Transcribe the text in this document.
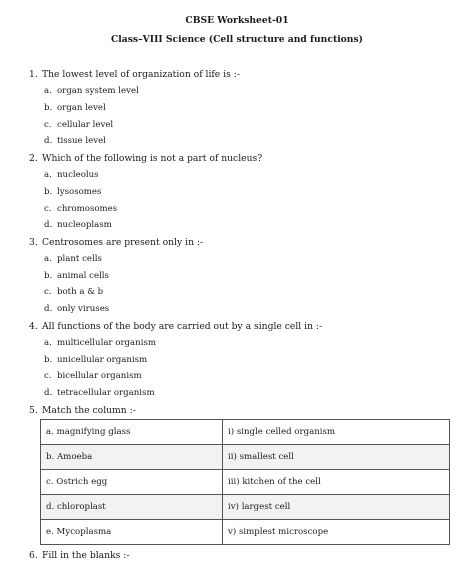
CBSE Worksheet-01
Class–VIII Science (Cell structure and functions)
1. The lowest level of organization of life is :-
a. organ system level
b. organ level
c. cellular level
d. tissue level
2. Which of the following is not a part of nucleus?
a. nucleolus
b. lysosomes
c. chromosomes
d. nucleoplasm
3. Centrosomes are present only in :-
a. plant cells
b. animal cells
c. both a & b
d. only viruses
4. All functions of the body are carried out by a single cell in :-
a. multicellular organism
b. unicellular organism
c. bicellular organism
d. tetracellular organism
5. Match the column :-
a. magnifying glass	i) single celled organism
b. Amoeba	ii) smallest cell
c. Ostrich egg	iii) kitchen of the cell
d. chloroplast	iv) largest cell
e. Mycoplasma	v) simplest microscope
6. Fill in the blanks :-
